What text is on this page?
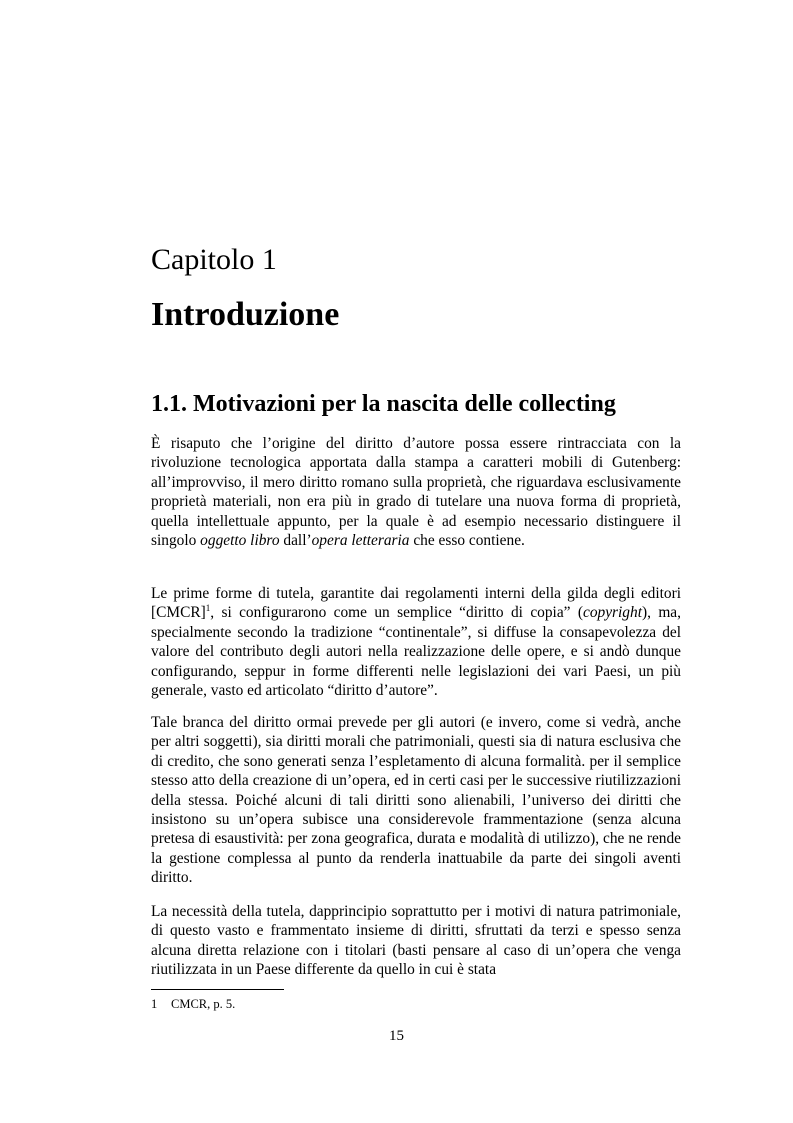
Capitolo 1
Introduzione
1.1. Motivazioni per la nascita delle collecting

È risaputo che l’origine del diritto d’autore possa essere rintracciata con la rivoluzione tecnologica apportata dalla stampa a caratteri mobili di Gutenberg: all’improvviso, il mero diritto romano sulla proprietà, che riguardava esclusivamente proprietà materiali, non era più in grado di tutelare una nuova forma di proprietà, quella intellettuale appunto, per la quale è ad esempio necessario distinguere il singolo oggetto libro dall’opera letteraria che esso contiene.

Le prime forme di tutela, garantite dai regolamenti interni della gilda degli editori [CMCR]$^1$, si configurarono come un semplice “diritto di copia” (copyright), ma, specialmente secondo la tradizione “continentale”, si diffuse la consapevolezza del valore del contributo degli autori nella realizzazione delle opere, e si andò dunque configurando, seppur in forme differenti nelle legislazioni dei vari Paesi, un più generale, vasto ed articolato “diritto d’autore”.

Tale branca del diritto ormai prevede per gli autori (e invero, come si vedrà, anche per altri soggetti), sia diritti morali che patrimoniali, questi sia di natura esclusiva che di credito, che sono generati senza l’espletamento di alcuna formalità. per il semplice stesso atto della creazione di un’opera, ed in certi casi per le successive riutilizzazioni della stessa. Poiché alcuni di tali diritti sono alienabili, l’universo dei diritti che insistono su un’opera subisce una considerevole frammentazione (senza alcuna pretesa di esaustività: per zona geografica, durata e modalità di utilizzo), che ne rende la gestione complessa al punto da renderla inattuabile da parte dei singoli aventi diritto.

La necessità della tutela, dapprincipio soprattutto per i motivi di natura patrimoniale, di questo vasto e frammentato insieme di diritti, sfruttati da terzi e spesso senza alcuna diretta relazione con i titolari (basti pensare al caso di un’opera che venga riutilizzata in un Paese differente da quello in cui è stata

1 CMCR, p. 5.
15
